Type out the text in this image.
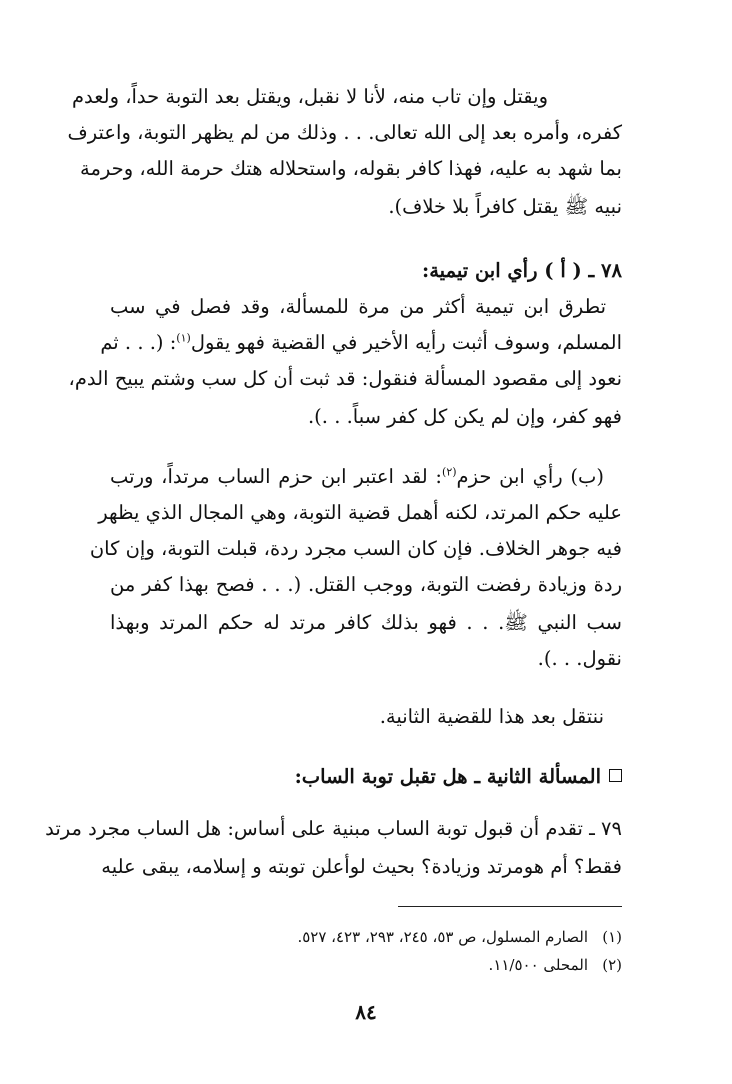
ويقتل وإن تاب منه، لأنا لا نقبل، ويقتل بعد التوبة حداً، ولعدم
كفره، وأمره بعد إلى الله تعالى. . . وذلك من لم يظهر التوبة، واعترف
بما شهد به عليه، فهذا كافر بقوله، واستحلاله هتك حرمة الله، وحرمة
نبيه ﷺ يقتل كافراً بلا خلاف).
٧٨ ـ ( أ ) رأي ابن تيمية:
تطرق ابن تيمية أكثر من مرة للمسألة، وقد فصل في سب
المسلم، وسوف أثبت رأيه الأخير في القضية فهو يقول$^{(١)}$: (. . . ثم
نعود إلى مقصود المسألة فنقول: قد ثبت أن كل سب وشتم يبيح الدم،
فهو كفر، وإن لم يكن كل كفر سباً. . .).
(ب) رأي ابن حزم$^{(٢)}$: لقد اعتبر ابن حزم الساب مرتداً، ورتب
عليه حكم المرتد، لكنه أهمل قضية التوبة، وهي المجال الذي يظهر
فيه جوهر الخلاف. فإن كان السب مجرد ردة، قبلت التوبة، وإن كان
ردة وزيادة رفضت التوبة، ووجب القتل. (. . . فصح بهذا كفر من
سب النبي ﷺ. . . فهو بذلك كافر مرتد له حكم المرتد وبهذا
نقول. . .).
ننتقل بعد هذا للقضية الثانية.
المسألة الثانية ـ هل تقبل توبة الساب:
٧٩ ـ تقدم أن قبول توبة الساب مبنية على أساس: هل الساب مجرد مرتد
فقط؟ أم هومرتد وزيادة؟ بحيث لوأعلن توبته و إسلامه، يبقى عليه
(١)الصارم المسلول، ص ٥٣، ٢٤٥، ٢٩٣، ٤٢٣، ٥٢٧.
(٢)المحلى ١١/٥٠٠.
٨٤
